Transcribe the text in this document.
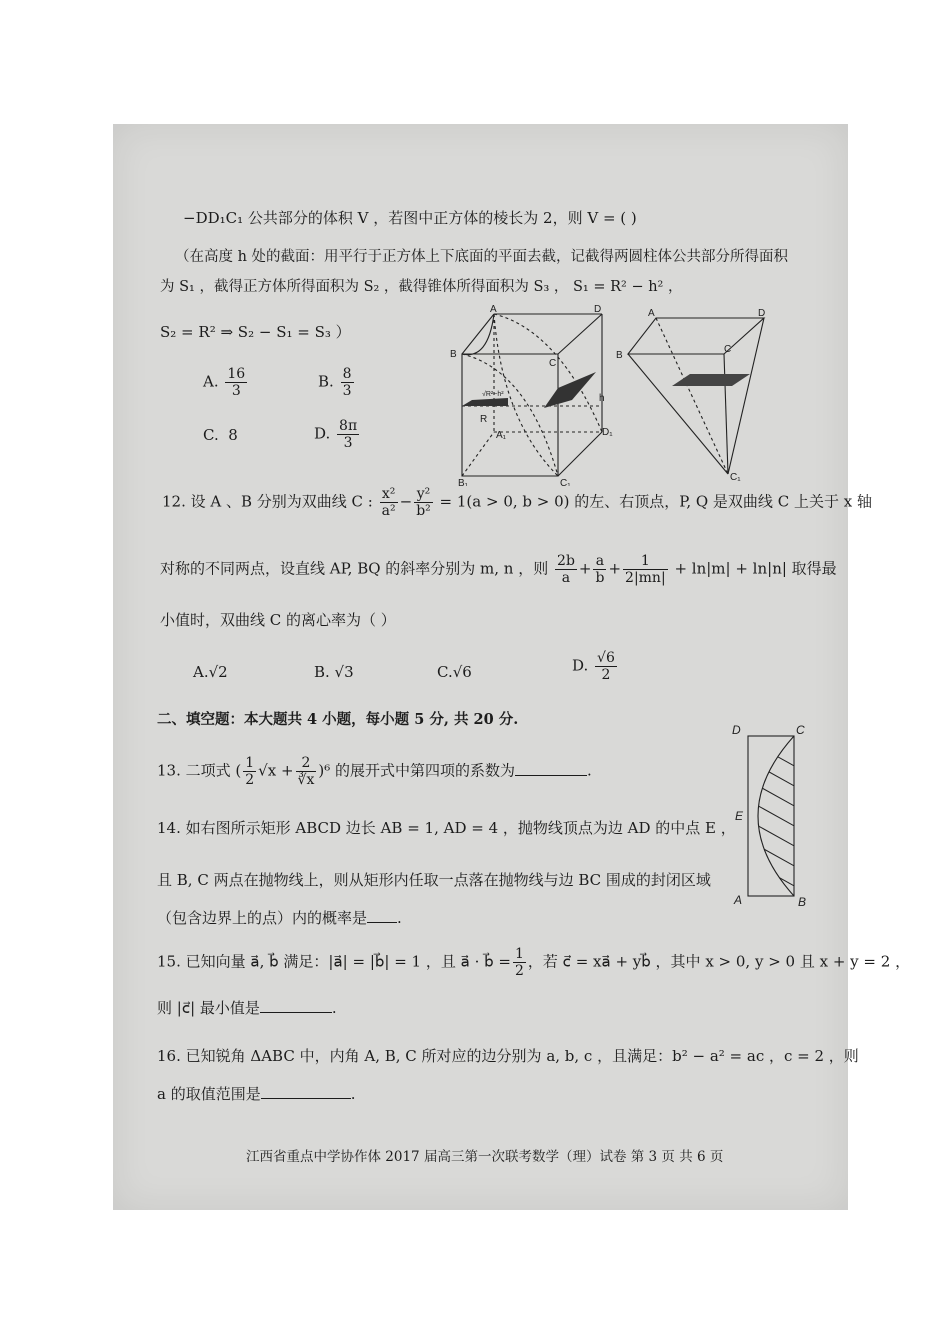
−DD₁C₁ 公共部分的体积 V ，若图中正方体的棱长为 2，则 V = ( )
（在高度 h 处的截面：用平行于正方体上下底面的平面去截，记截得两圆柱体公共部分所得面积
为 S₁ ，截得正方体所得面积为 S₂ ，截得锥体所得面积为 S₃ ， S₁ = R² − h² ，
S₂ = R² ⇒ S₂ − S₁ = S₃ ）
A. $\frac{16}{3}$	B. $\frac{8}{3}$
C. 8	D. $\frac{8\pi}{3}$
A	D
B
C
h
√R²−h²
R
A₁	D₁
B₁	C₁
A	D
B
C
C₁
12. 设 A 、B 分别为双曲线 C : $\frac{\text{x²}}{\text{a²}} - \frac{\text{y²}}{\text{b²}} = 1(a > 0$, b > 0) 的左、右顶点，P, Q 是双曲线 C 上关于 x 轴
对称的不同两点，设直线 AP, BQ 的斜率分别为 m, n ，则 $\frac{2b}{a} + \frac{a}{b} + \frac{1}{2|mn|} + \ln|m| + \ln|n|$ 取得最
小值时，双曲线 C 的离心率为（ ）
A.√2	B. √3	C.√6	D. $\frac{√6}{2}$
二、填空题：本大题共 4 小题，每小题 5 分, 共 20 分.
13. 二项式 ( $\frac{1}{2} √x + \frac{2}{∛x} )^6$ 的展开式中第四项的系数为	.
D	C
E
A	B
14. 如右图所示矩形 ABCD 边长 AB = 1, AD = 4 ，抛物线顶点为边 AD 的中点 E ，
且 B, C 两点在抛物线上，则从矩形内任取一点落在抛物线与边 BC 围成的封闭区域
（包含边界上的点）内的概率是 .
15. 已知向量 a⃗, b⃗ 满足：|a⃗| = |b⃗| = 1 ，且 a⃗ · b⃗ = $\frac{1}{2}$ ，若 c⃗ = xa⃗ + yb⃗ ，其中 x > 0, y > 0 且 x + y = 2 ，
则 |c⃗| 最小值是	.
16. 已知锐角 ΔABC 中，内角 A, B, C 所对应的边分别为 a, b, c ，且满足：b² − a² = ac ，c = 2 ，则
a 的取值范围是	.
江西省重点中学协作体 2017 届高三第一次联考数学（理）试卷 第 3 页 共 6 页
